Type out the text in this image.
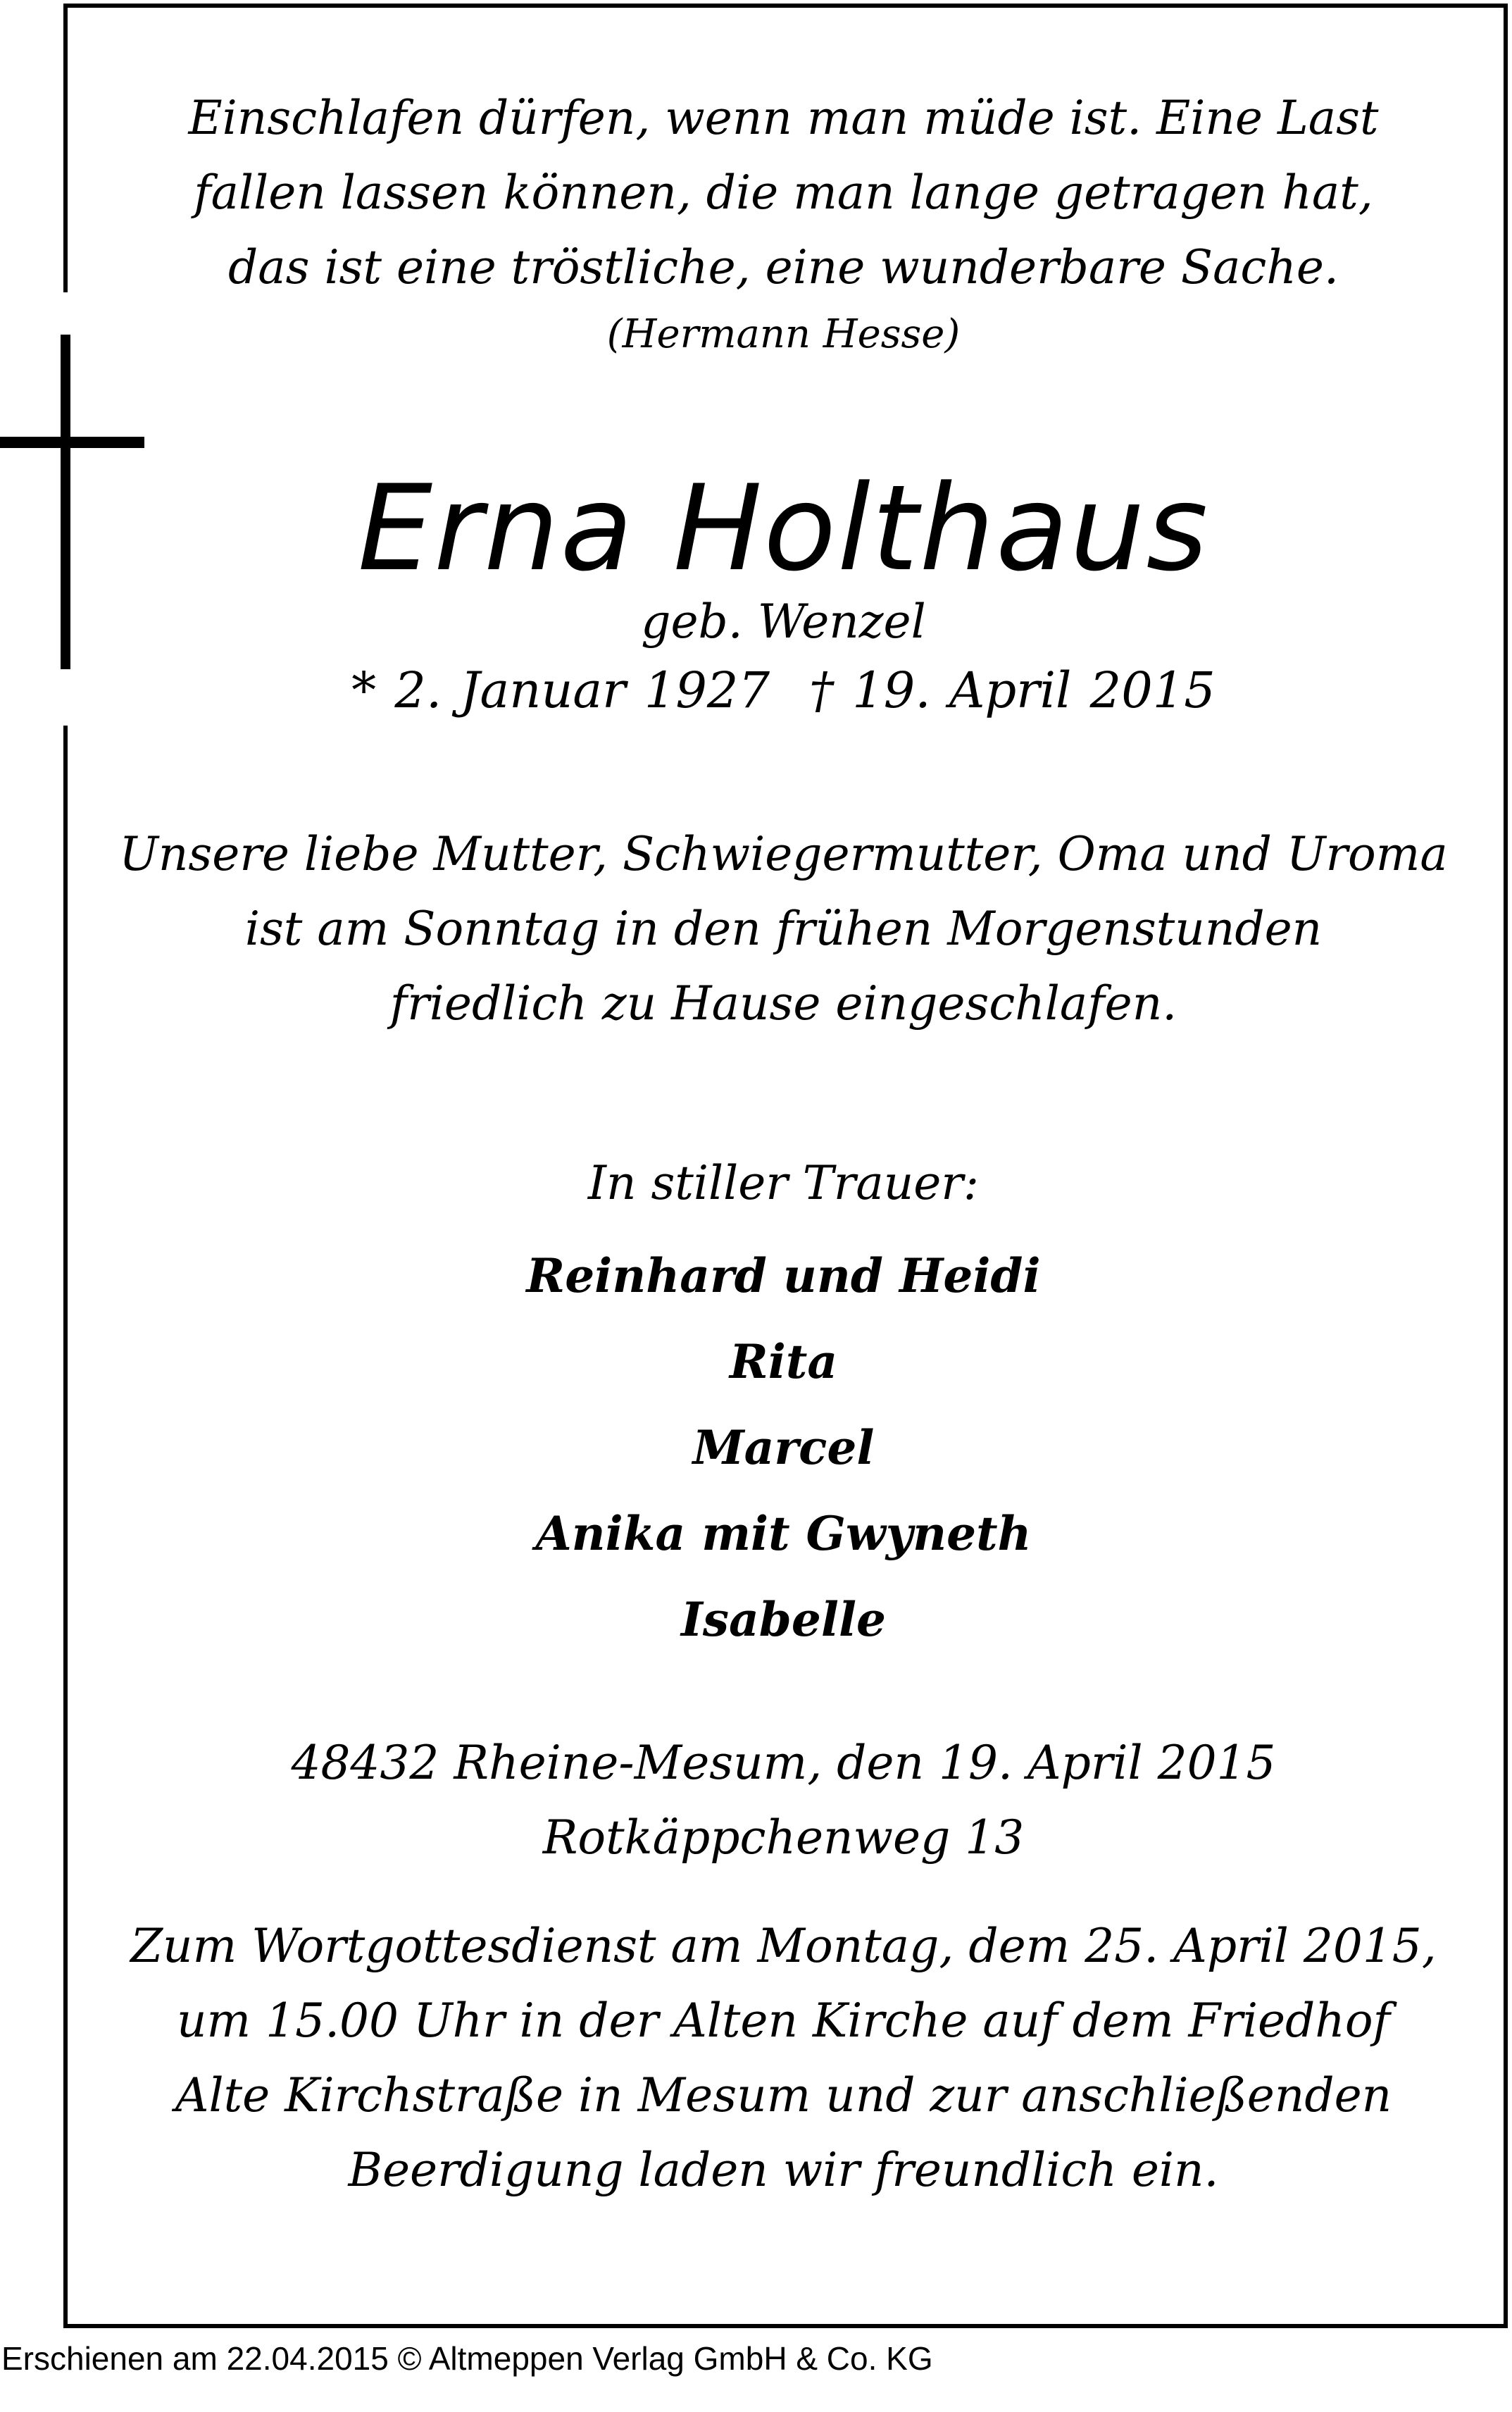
Einschlafen dürfen, wenn man müde ist. Eine Last
fallen lassen können, die man lange getragen hat,
das ist eine tröstliche, eine wunderbare Sache.
(Hermann Hesse)
Erna Holthaus
geb. Wenzel
* 2. Januar 1927 † 19. April 2015
Unsere liebe Mutter, Schwiegermutter, Oma und Uroma
ist am Sonntag in den frühen Morgenstunden
friedlich zu Hause eingeschlafen.
In stiller Trauer:
Reinhard und Heidi
Rita
Marcel
Anika mit Gwyneth
Isabelle
48432 Rheine-Mesum, den 19. April 2015
Rotkäppchenweg 13
Zum Wortgottesdienst am Montag, dem 25. April 2015,
um 15.00 Uhr in der Alten Kirche auf dem Friedhof
Alte Kirchstraße in Mesum und zur anschließenden
Beerdigung laden wir freundlich ein.
Erschienen am 22.04.2015 © Altmeppen Verlag GmbH & Co. KG
